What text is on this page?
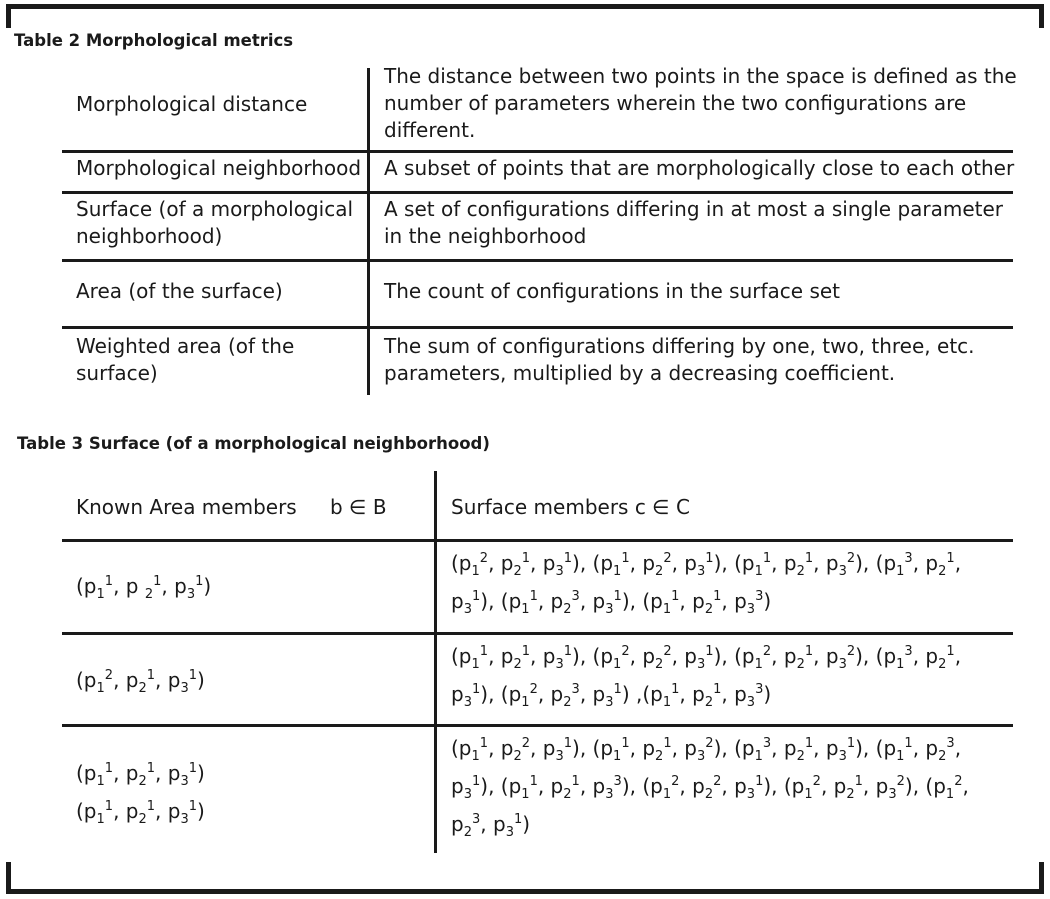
Table 2 Morphological metrics
Morphological distance
The distance between two points in the space is defined as the
number of parameters wherein the two configurations are
different.
Morphological neighborhood A subset of points that are morphologically close to each other
Surface (of a morphological
neighborhood)
A set of configurations differing in at most a single parameter
in the neighborhood
Area (of the surface)	The count of configurations in the surface set
Weighted area (of the
surface)
The sum of configurations differing by one, two, three, etc.
parameters, multiplied by a decreasing coefficient.
Table 3 Surface (of a morphological neighborhood)
Known Area members b ∈ B	Surface members c ∈ C
($p_1^1$, p $_2^1$, $p_3^1$)
($p_1^2$, $p_2^1$, $p_3^1$), ($p_1^1$, $p_2^2$, $p_3^1$), ($p_1^1$, $p_2^1$, $p_3^2$), ($p_1^3$, $p_2^1$,
$p_3^1$), ($p_1^1$, $p_2^3$, $p_3^1$), ($p_1^1$, $p_2^1$, $p_3^3$)
($p_1^2$, $p_2^1$, $p_3^1$)
($p_1^1$, $p_2^1$, $p_3^1$), ($p_1^2$, $p_2^2$, $p_3^1$), ($p_1^2$, $p_2^1$, $p_3^2$), ($p_1^3$, $p_2^1$,
$p_3^1$), ($p_1^2$, $p_2^3$, $p_3^1$) $,(p_1^1$, $p_2^1$, $p_3^3$)
($p_1^1$, $p_2^1$, $p_3^1$)
($p_1^1$, $p_2^1$, $p_3^1$)
($p_1^1$, $p_2^2$, $p_3^1$), ($p_1^1$, $p_2^1$, $p_3^2$), ($p_1^3$, $p_2^1$, $p_3^1$), ($p_1^1$, $p_2^3$,
$p_3^1$), ($p_1^1$, $p_2^1$, $p_3^3$), ($p_1^2$, $p_2^2$, $p_3^1$), ($p_1^2$, $p_2^1$, $p_3^2$), ($p_1^2$,
$p_2^3$, $p_3^1$)
